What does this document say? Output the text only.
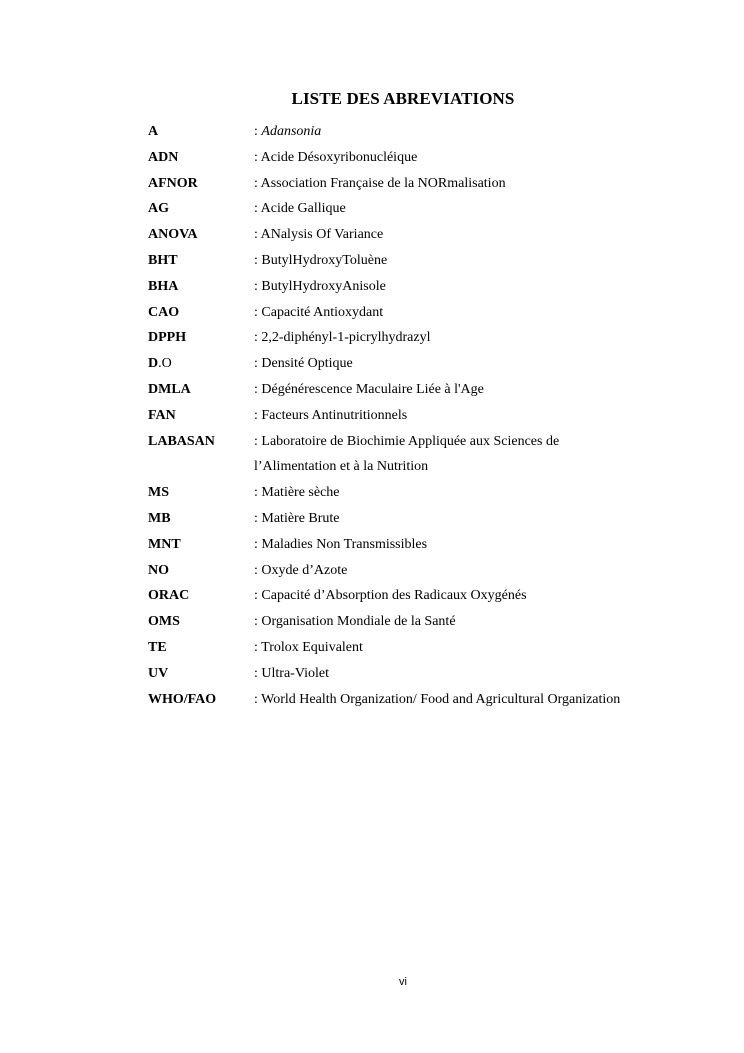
LISTE DES ABREVIATIONS
A	: Adansonia
ADN	: Acide Désoxyribonucléique
AFNOR	: Association Française de la NORmalisation
AG	: Acide Gallique
ANOVA	: ANalysis Of Variance
BHT	: ButylHydroxyToluène
BHA	: ButylHydroxyAnisole
CAO	: Capacité Antioxydant
DPPH	: 2,2-diphényl-1-picrylhydrazyl
D.O	: Densité Optique
DMLA	: Dégénérescence Maculaire Liée à l'Age
FAN	: Facteurs Antinutritionnels
LABASAN	: Laboratoire de Biochimie Appliquée aux Sciences de
l’Alimentation et à la Nutrition
MS	: Matière sèche
MB	: Matière Brute
MNT	: Maladies Non Transmissibles
NO	: Oxyde d’Azote
ORAC	: Capacité d’Absorption des Radicaux Oxygénés
OMS	: Organisation Mondiale de la Santé
TE	: Trolox Equivalent
UV	: Ultra-Violet
WHO/FAO	: World Health Organization/ Food and Agricultural Organization
vi
